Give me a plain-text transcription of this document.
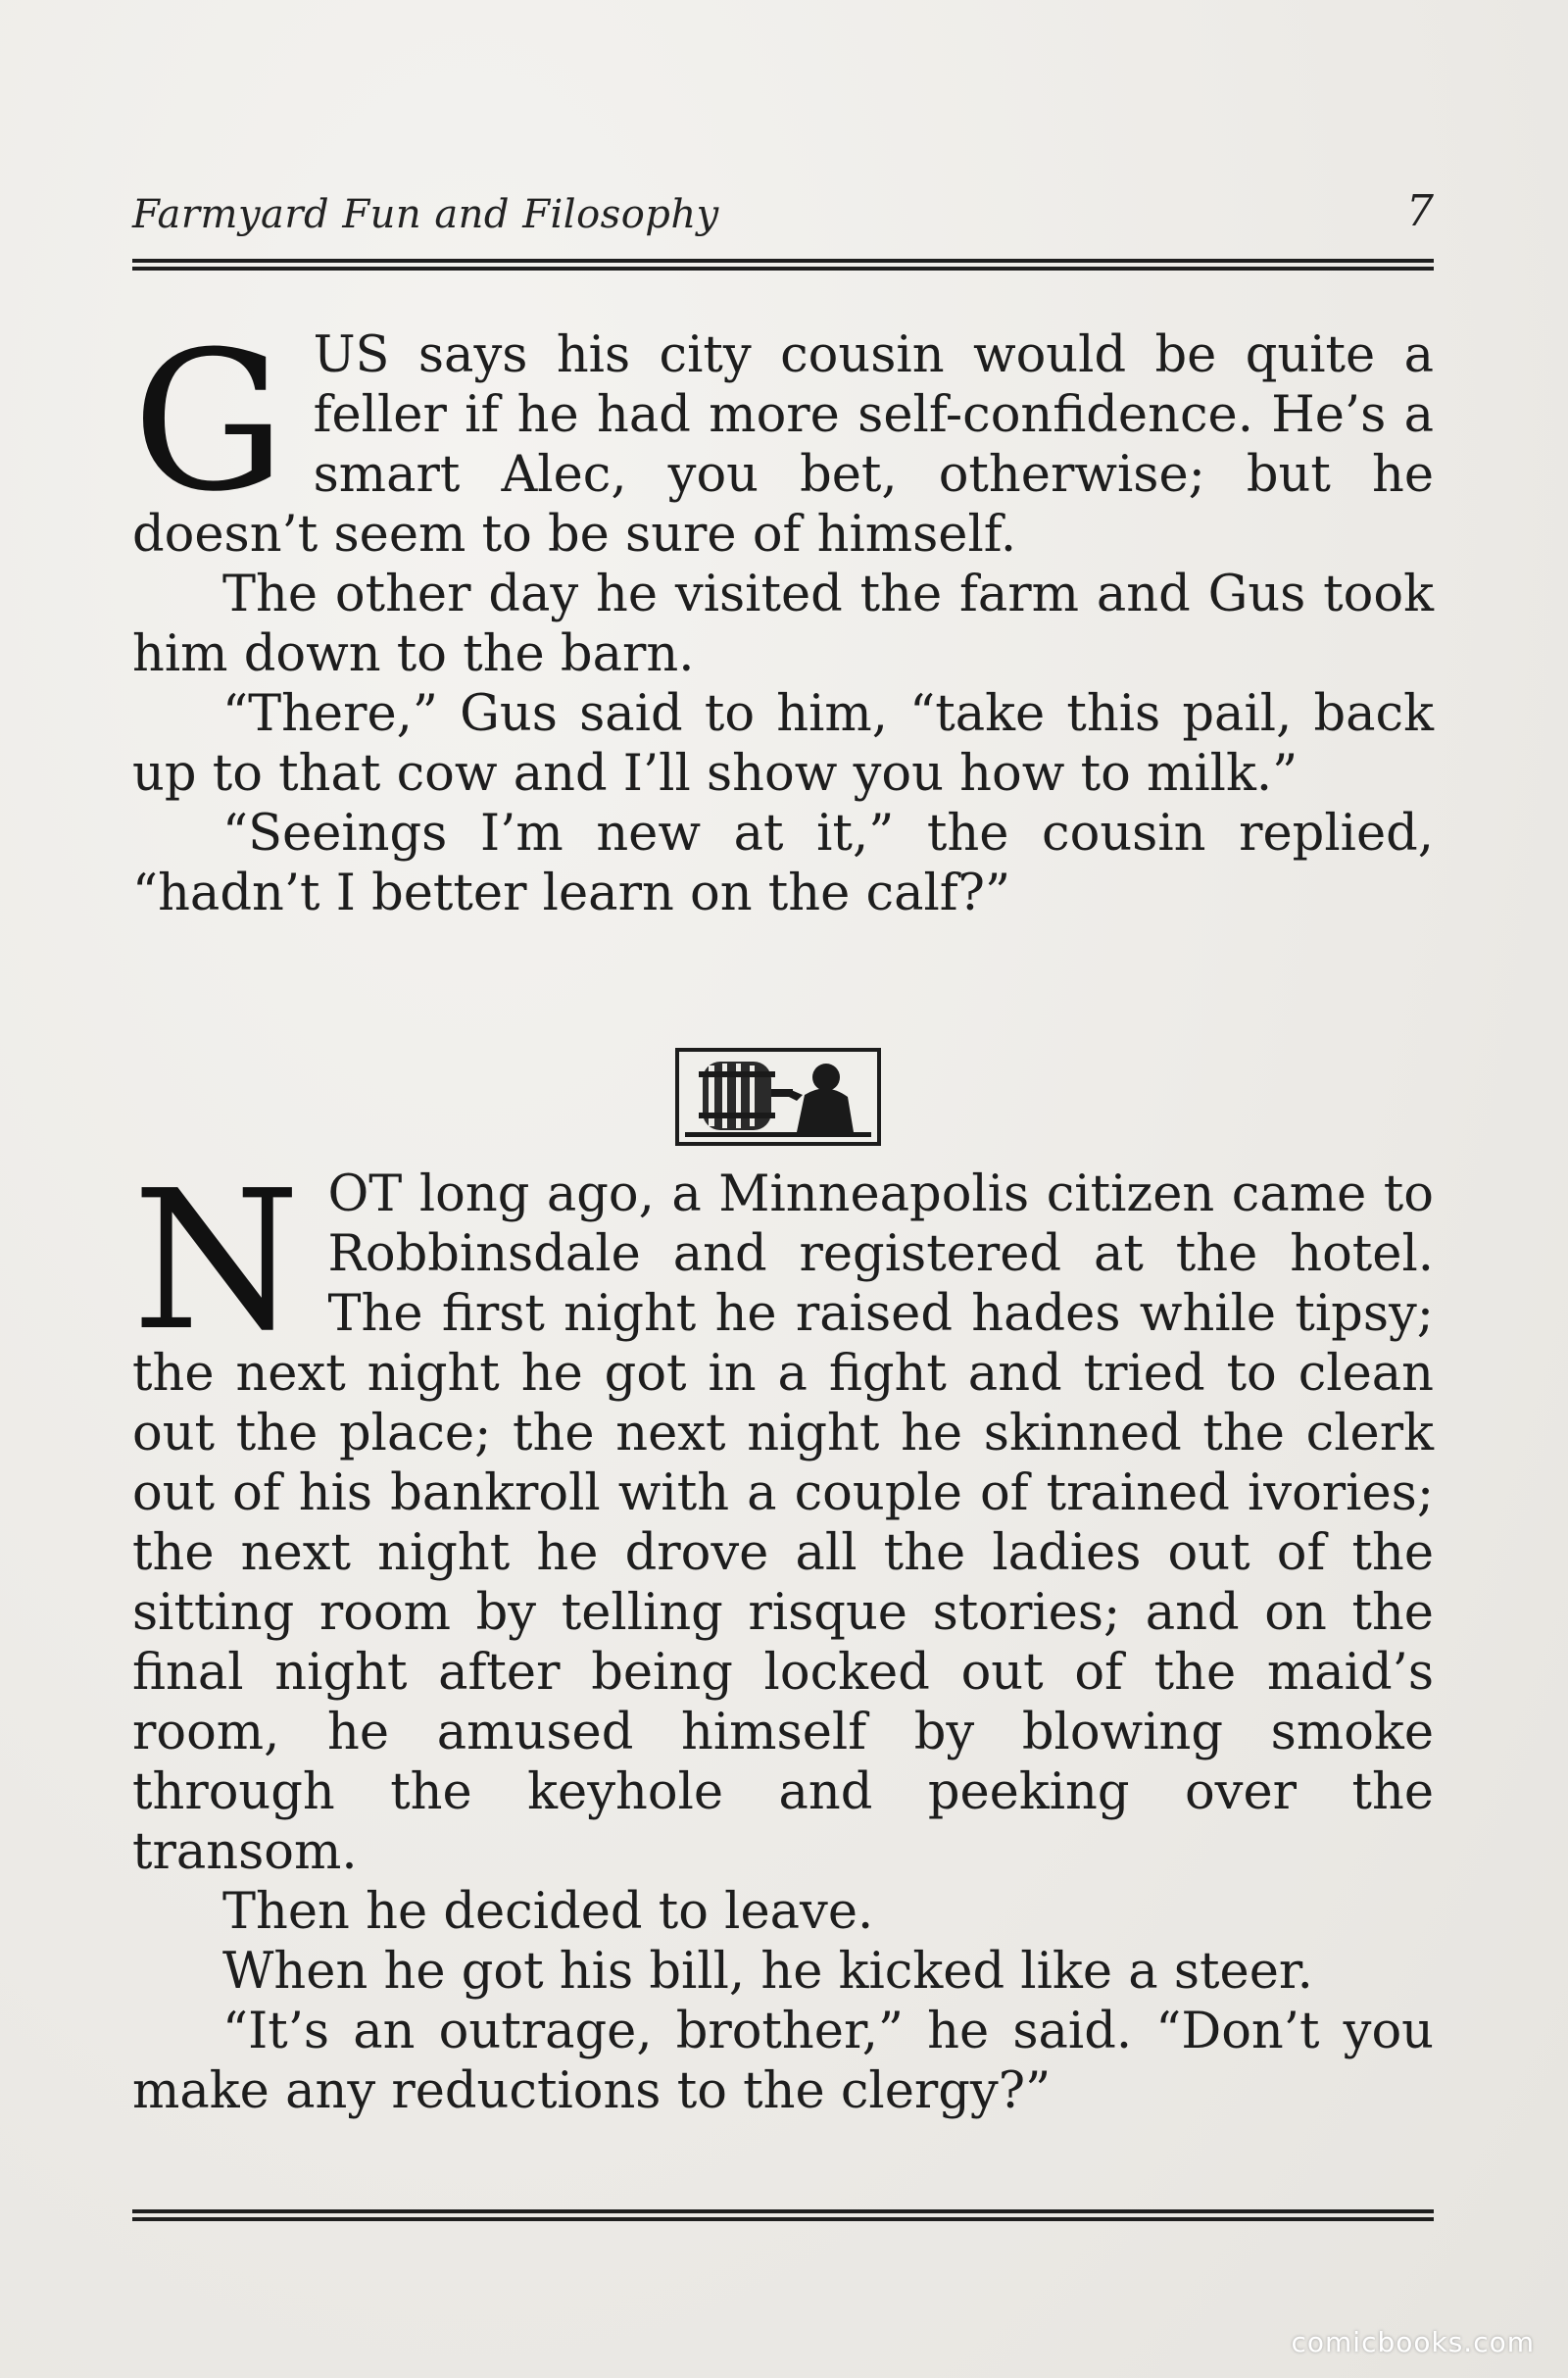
Farmyard Fun and Filosophy	7

GUS says his city cousin would be quite a feller if he had more self-confidence. He’s a smart Alec, you bet, otherwise; but he doesn’t seem to be sure of himself.

The other day he visited the farm and Gus took him down to the barn.

“There,” Gus said to him, “take this pail, back up to that cow and I’ll show you how to milk.”

“Seeings I’m new at it,” the cousin replied, “hadn’t I better learn on the calf?”

NOT long ago, a Minneapolis citizen came to Robbinsdale and registered at the hotel. The first night he raised hades while tipsy; the next night he got in a fight and tried to clean out the place; the next night he skinned the clerk out of his bankroll with a couple of trained ivories; the next night he drove all the ladies out of the sitting room by telling risque stories; and on the final night after being locked out of the maid’s room, he amused himself by blowing smoke through the keyhole and peeking over the transom.

Then he decided to leave.

When he got his bill, he kicked like a steer.

“It’s an outrage, brother,” he said. “Don’t you make any reductions to the clergy?”

comicbooks.com
